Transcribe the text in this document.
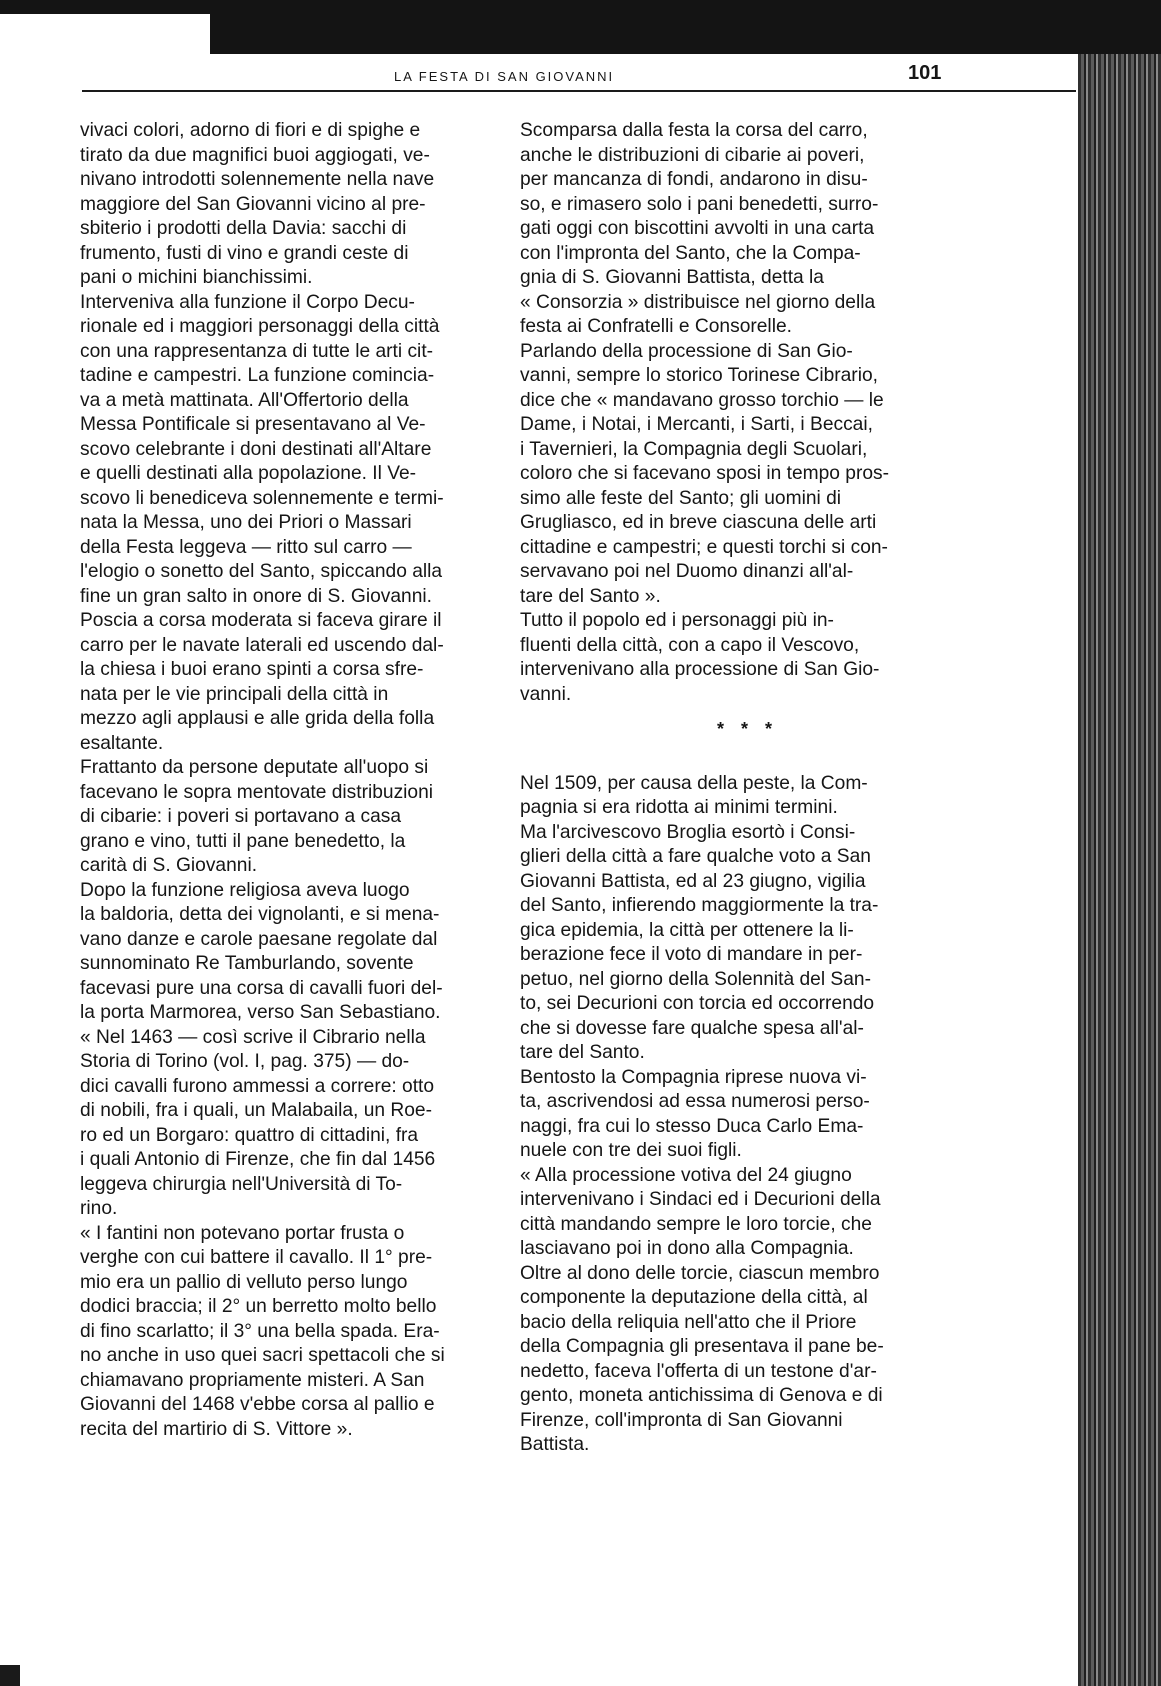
LA FESTA DI SAN GIOVANNI	101

vivaci colori, adorno di fiori e di spighe e
tirato da due magnifici buoi aggiogati, ve-
nivano introdotti solennemente nella nave
maggiore del San Giovanni vicino al pre-
sbiterio i prodotti della Davia: sacchi di
frumento, fusti di vino e grandi ceste di
pani o michini bianchissimi.

Interveniva alla funzione il Corpo Decu-
rionale ed i maggiori personaggi della città
con una rappresentanza di tutte le arti cit-
tadine e campestri. La funzione comincia-
va a metà mattinata. All'Offertorio della
Messa Pontificale si presentavano al Ve-
scovo celebrante i doni destinati all'Altare
e quelli destinati alla popolazione. Il Ve-
scovo li benediceva solennemente e termi-
nata la Messa, uno dei Priori o Massari
della Festa leggeva — ritto sul carro —
l'elogio o sonetto del Santo, spiccando alla
fine un gran salto in onore di S. Giovanni.
Poscia a corsa moderata si faceva girare il
carro per le navate laterali ed uscendo dal-
la chiesa i buoi erano spinti a corsa sfre-
nata per le vie principali della città in
mezzo agli applausi e alle grida della folla
esaltante.

Frattanto da persone deputate all'uopo si
facevano le sopra mentovate distribuzioni
di cibarie: i poveri si portavano a casa
grano e vino, tutti il pane benedetto, la
carità di S. Giovanni.

Dopo la funzione religiosa aveva luogo
la baldoria, detta dei vignolanti, e si mena-
vano danze e carole paesane regolate dal
sunnominato Re Tamburlando, sovente
facevasi pure una corsa di cavalli fuori del-
la porta Marmorea, verso San Sebastiano.

« Nel 1463 — così scrive il Cibrario nella
Storia di Torino (vol. I, pag. 375) — do-
dici cavalli furono ammessi a correre: otto
di nobili, fra i quali, un Malabaila, un Roe-
ro ed un Borgaro: quattro di cittadini, fra
i quali Antonio di Firenze, che fin dal 1456
leggeva chirurgia nell'Università di To-
rino.

« I fantini non potevano portar frusta o
verghe con cui battere il cavallo. Il 1° pre-
mio era un pallio di velluto perso lungo
dodici braccia; il 2° un berretto molto bello
di fino scarlatto; il 3° una bella spada. Era-
no anche in uso quei sacri spettacoli che si
chiamavano propriamente misteri. A San
Giovanni del 1468 v'ebbe corsa al pallio e
recita del martirio di S. Vittore ».

Scomparsa dalla festa la corsa del carro,
anche le distribuzioni di cibarie ai poveri,
per mancanza di fondi, andarono in disu-
so, e rimasero solo i pani benedetti, surro-
gati oggi con biscottini avvolti in una carta
con l'impronta del Santo, che la Compa-
gnia di S. Giovanni Battista, detta la
« Consorzia » distribuisce nel giorno della
festa ai Confratelli e Consorelle.

Parlando della processione di San Gio-
vanni, sempre lo storico Torinese Cibrario,
dice che « mandavano grosso torchio — le
Dame, i Notai, i Mercanti, i Sarti, i Beccai,
i Tavernieri, la Compagnia degli Scuolari,
coloro che si facevano sposi in tempo pros-
simo alle feste del Santo; gli uomini di
Grugliasco, ed in breve ciascuna delle arti
cittadine e campestri; e questi torchi si con-
servavano poi nel Duomo dinanzi all'al-
tare del Santo ».

Tutto il popolo ed i personaggi più in-
fluenti della città, con a capo il Vescovo,
intervenivano alla processione di San Gio-
vanni.

* * *

Nel 1509, per causa della peste, la Com-
pagnia si era ridotta ai minimi termini.
Ma l'arcivescovo Broglia esortò i Consi-
glieri della città a fare qualche voto a San
Giovanni Battista, ed al 23 giugno, vigilia
del Santo, infierendo maggiormente la tra-
gica epidemia, la città per ottenere la li-
berazione fece il voto di mandare in per-
petuo, nel giorno della Solennità del San-
to, sei Decurioni con torcia ed occorrendo
che si dovesse fare qualche spesa all'al-
tare del Santo.

Bentosto la Compagnia riprese nuova vi-
ta, ascrivendosi ad essa numerosi perso-
naggi, fra cui lo stesso Duca Carlo Ema-
nuele con tre dei suoi figli.

« Alla processione votiva del 24 giugno
intervenivano i Sindaci ed i Decurioni della
città mandando sempre le loro torcie, che
lasciavano poi in dono alla Compagnia.
Oltre al dono delle torcie, ciascun membro
componente la deputazione della città, al
bacio della reliquia nell'atto che il Priore
della Compagnia gli presentava il pane be-
nedetto, faceva l'offerta di un testone d'ar-
gento, moneta antichissima di Genova e di
Firenze, coll'impronta di San Giovanni
Battista.
